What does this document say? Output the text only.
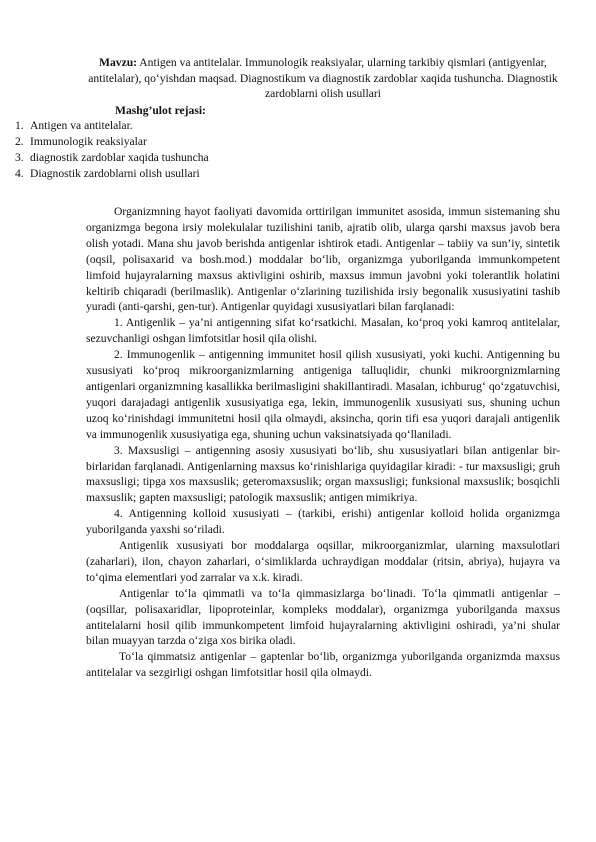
Mavzu: Antigen va antitelalar. Immunologik reaksiyalar, ularning tarkibiy qismlari (antigyenlar, antitelalar), qo‘yishdan maqsad. Diagnostikum va diagnostik zardoblar xaqida tushuncha. Diagnostik zardoblarni olish usullari
Mashg’ulot rejasi:
1. Antigen va antitelalar.
2. Immunologik reaksiyalar
3. diagnostik zardoblar xaqida tushuncha
4. Diagnostik zardoblarni olish usullari

Organizmning hayot faoliyati davomida orttirilgan immunitet asosida, immun sistemaning shu organizmga begona irsiy molekulalar tuzilishini tanib, ajratib olib, ularga qarshi maxsus javob bera olish yotadi. Mana shu javob berishda antigenlar ishtirok etadi. Antigenlar – tabiiy va sun’iy, sintetik (oqsil, polisaxarid va bosh.mod.) moddalar bo‘lib, organizmga yuborilganda immunkompetent limfoid hujayralarning maxsus aktivligini oshirib, maxsus immun javobni yoki tolerantlik holatini keltirib chiqaradi (berilmaslik). Antigenlar o‘zlarining tuzilishida irsiy begonalik xususiyatini tashib yuradi (anti-qarshi, gen-tur). Antigenlar quyidagi xususiyatlari bilan farqlanadi:

1. Antigenlik – ya’ni antigenning sifat ko‘rsatkichi. Masalan, ko‘proq yoki kamroq antitelalar, sezuvchanligi oshgan limfotsitlar hosil qila olishi.

2. Immunogenlik – antigenning immunitet hosil qilish xususiyati, yoki kuchi. Antigenning bu xususiyati ko‘proq mikroorganizmlarning antigeniga talluqlidir, chunki mikroorgnizmlarning antigenlari organizmning kasallikka berilmasligini shakillantiradi. Masalan, ichburug‘ qo‘zgatuvchisi, yuqori darajadagi antigenlik xususiyatiga ega, lekin, immunogenlik xususiyati sus, shuning uchun uzoq ko‘rinishdagi immunitetni hosil qila olmaydi, aksincha, qorin tifi esa yuqori darajali antigenlik va immunogenlik xususiyatiga ega, shuning uchun vaksinatsiyada qo‘llaniladi.

3. Maxsusligi – antigenning asosiy xususiyati bo‘lib, shu xususiyatlari bilan antigenlar bir-birlaridan farqlanadi. Antigenlarning maxsus ko‘rinishlariga quyidagilar kiradi: - tur maxsusligi; gruh maxsusligi; tipga xos maxsuslik; geteromaxsuslik; organ maxsusligi; funksional maxsuslik; bosqichli maxsuslik; gapten maxsusligi; patologik maxsuslik; antigen mimikriya.

4. Antigenning kolloid xususiyati – (tarkibi, erishi) antigenlar kolloid holida organizmga yuborilganda yaxshi so‘riladi.

Antigenlik xususiyati bor moddalarga oqsillar, mikroorganizmlar, ularning maxsulotlari (zaharlari), ilon, chayon zaharlari, o‘simliklarda uchraydigan moddalar (ritsin, abriya), hujayra va to‘qima elementlari yod zarralar va x.k. kiradi.

Antigenlar to‘la qimmatli va to‘la qimmasizlarga bo‘linadi. To‘la qimmatli antigenlar – (oqsillar, polisaxaridlar, lipoproteinlar, kompleks moddalar), organizmga yuborilganda maxsus antitelalarni hosil qilib immunkompetent limfoid hujayralarning aktivligini oshiradi, ya’ni shular bilan muayyan tarzda o‘ziga xos birika oladi.

To‘la qimmatsiz antigenlar – gaptenlar bo‘lib, organizmga yuborilganda organizmda maxsus antitelalar va sezgirligi oshgan limfotsitlar hosil qila olmaydi.
